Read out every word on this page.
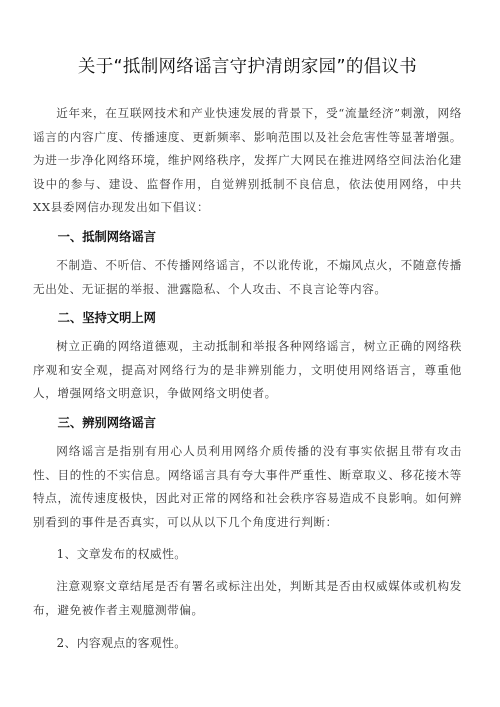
关于“抵制网络谣言守护清朗家园”的倡议书

近年来，在互联网技术和产业快速发展的背景下，受“流量经济”刺激，网络谣言的内容广度、传播速度、更新频率、影响范围以及社会危害性等显著增强。为进一步净化网络环境，维护网络秩序，发挥广大网民在推进网络空间法治化建设中的参与、建设、监督作用，自觉辨别抵制不良信息，依法使用网络，中共XX县委网信办现发出如下倡议：

一、抵制网络谣言

不制造、不听信、不传播网络谣言，不以讹传讹，不煽风点火，不随意传播无出处、无证据的举报、泄露隐私、个人攻击、不良言论等内容。

二、坚持文明上网

树立正确的网络道德观，主动抵制和举报各种网络谣言，树立正确的网络秩序观和安全观，提高对网络行为的是非辨别能力，文明使用网络语言，尊重他人，增强网络文明意识，争做网络文明使者。

三、辨别网络谣言

网络谣言是指别有用心人员利用网络介质传播的没有事实依据且带有攻击性、目的性的不实信息。网络谣言具有夸大事件严重性、断章取义、移花接木等特点，流传速度极快，因此对正常的网络和社会秩序容易造成不良影响。如何辨别看到的事件是否真实，可以从以下几个角度进行判断：

1、文章发布的权威性。

注意观察文章结尾是否有署名或标注出处，判断其是否由权威媒体或机构发布，避免被作者主观臆测带偏。

2、内容观点的客观性。
